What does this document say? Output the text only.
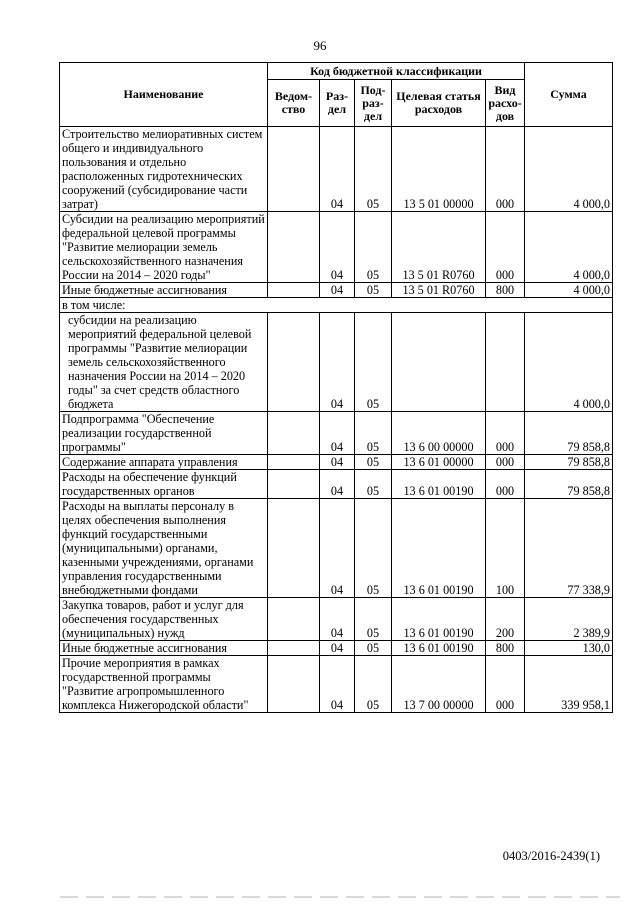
96
Наименование	Код бюджетной классификации					Сумма
	Ведом-ство	Раз-дел	Под-раз-дел	Целевая статья расходов	Вид расхо-дов	
Строительство мелиоративных систем общего и индивидуального пользования и отдельно расположенных гидротехнических сооружений (субсидирование части затрат)		04	05	13 5 01 00000	000	4 000,0
Субсидии на реализацию мероприятий федеральной целевой программы "Развитие мелиорации земель сельскохозяйственного назначения России на 2014 – 2020 годы"		04	05	13 5 01 R0760	000	4 000,0
Иные бюджетные ассигнования		04	05	13 5 01 R0760	800	4 000,0
в том числе:						
субсидии на реализацию мероприятий федеральной целевой программы "Развитие мелиорации земель сельскохозяйственного назначения России на 2014 – 2020 годы" за счет средств областного бюджета		04	05			4 000,0
Подпрограмма "Обеспечение реализации государственной программы"		04	05	13 6 00 00000	000	79 858,8
Содержание аппарата управления		04	05	13 6 01 00000	000	79 858,8
Расходы на обеспечение функций государственных органов		04	05	13 6 01 00190	000	79 858,8
Расходы на выплаты персоналу в целях обеспечения выполнения функций государственными (муниципальными) органами, казенными учреждениями, органами управления государственными внебюджетными фондами		04	05	13 6 01 00190	100	77 338,9
Закупка товаров, работ и услуг для обеспечения государственных (муниципальных) нужд		04	05	13 6 01 00190	200	2 389,9
Иные бюджетные ассигнования		04	05	13 6 01 00190	800	130,0
Прочие мероприятия в рамках государственной программы "Развитие агропромышленного комплекса Нижегородской области"		04	05	13 7 00 00000	000	339 958,1
0403/2016-2439(1)
